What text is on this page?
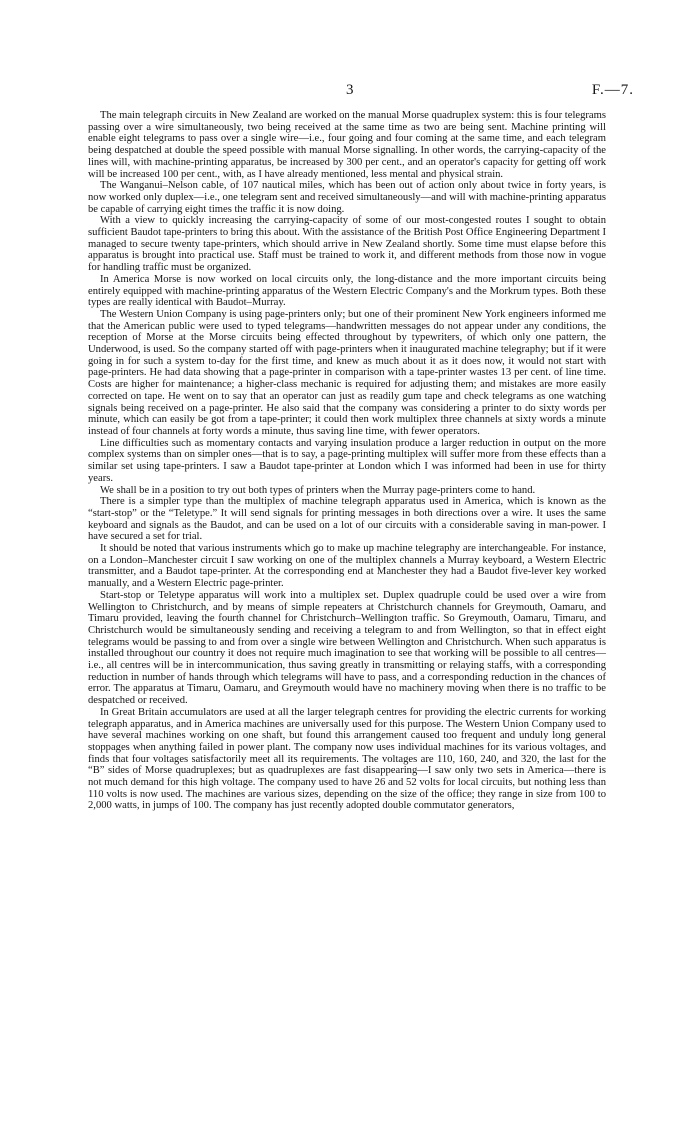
3	F.—7.

The main telegraph circuits in New Zealand are worked on the manual Morse quadruplex system: this is four telegrams passing over a wire simultaneously, two being received at the same time as two are being sent. Machine printing will enable eight telegrams to pass over a single wire—i.e., four going and four coming at the same time, and each telegram being despatched at double the speed possible with manual Morse signalling. In other words, the carrying-capacity of the lines will, with machine-printing apparatus, be increased by 300 per cent., and an operator's capacity for getting off work will be increased 100 per cent., with, as I have already mentioned, less mental and physical strain.

The Wanganui–Nelson cable, of 107 nautical miles, which has been out of action only about twice in forty years, is now worked only duplex—i.e., one telegram sent and received simultaneously—and will with machine-printing apparatus be capable of carrying eight times the traffic it is now doing.

With a view to quickly increasing the carrying-capacity of some of our most-congested routes I sought to obtain sufficient Baudot tape-printers to bring this about. With the assistance of the British Post Office Engineering Department I managed to secure twenty tape-printers, which should arrive in New Zealand shortly. Some time must elapse before this apparatus is brought into practical use. Staff must be trained to work it, and different methods from those now in vogue for handling traffic must be organized.

In America Morse is now worked on local circuits only, the long-distance and the more important circuits being entirely equipped with machine-printing apparatus of the Western Electric Company's and the Morkrum types. Both these types are really identical with Baudot–Murray.

The Western Union Company is using page-printers only; but one of their prominent New York engineers informed me that the American public were used to typed telegrams—handwritten messages do not appear under any conditions, the reception of Morse at the Morse circuits being effected throughout by typewriters, of which only one pattern, the Underwood, is used. So the company started off with page-printers when it inaugurated machine telegraphy; but if it were going in for such a system to-day for the first time, and knew as much about it as it does now, it would not start with page-printers. He had data showing that a page-printer in comparison with a tape-printer wastes 13 per cent. of line time. Costs are higher for maintenance; a higher-class mechanic is required for adjusting them; and mistakes are more easily corrected on tape. He went on to say that an operator can just as readily gum tape and check telegrams as one watching signals being received on a page-printer. He also said that the company was considering a printer to do sixty words per minute, which can easily be got from a tape-printer; it could then work multiplex three channels at sixty words a minute instead of four channels at forty words a minute, thus saving line time, with fewer operators.

Line difficulties such as momentary contacts and varying insulation produce a larger reduction in output on the more complex systems than on simpler ones—that is to say, a page-printing multiplex will suffer more from these effects than a similar set using tape-printers. I saw a Baudot tape-printer at London which I was informed had been in use for thirty years.

We shall be in a position to try out both types of printers when the Murray page-printers come to hand.

There is a simpler type than the multiplex of machine telegraph apparatus used in America, which is known as the “start-stop” or the “Teletype.” It will send signals for printing messages in both directions over a wire. It uses the same keyboard and signals as the Baudot, and can be used on a lot of our circuits with a considerable saving in man-power. I have secured a set for trial.

It should be noted that various instruments which go to make up machine telegraphy are interchangeable. For instance, on a London–Manchester circuit I saw working on one of the multiplex channels a Murray keyboard, a Western Electric transmitter, and a Baudot tape-printer. At the corresponding end at Manchester they had a Baudot five-lever key worked manually, and a Western Electric page-printer.

Start-stop or Teletype apparatus will work into a multiplex set. Duplex quadruple could be used over a wire from Wellington to Christchurch, and by means of simple repeaters at Christchurch channels for Greymouth, Oamaru, and Timaru provided, leaving the fourth channel for Christchurch–Wellington traffic. So Greymouth, Oamaru, Timaru, and Christchurch would be simultaneously sending and receiving a telegram to and from Wellington, so that in effect eight telegrams would be passing to and from over a single wire between Wellington and Christchurch. When such apparatus is installed throughout our country it does not require much imagination to see that working will be possible to all centres—i.e., all centres will be in intercommunication, thus saving greatly in transmitting or relaying staffs, with a corresponding reduction in number of hands through which telegrams will have to pass, and a corresponding reduction in the chances of error. The apparatus at Timaru, Oamaru, and Greymouth would have no machinery moving when there is no traffic to be despatched or received.

In Great Britain accumulators are used at all the larger telegraph centres for providing the electric currents for working telegraph apparatus, and in America machines are universally used for this purpose. The Western Union Company used to have several machines working on one shaft, but found this arrangement caused too frequent and unduly long general stoppages when anything failed in power plant. The company now uses individual machines for its various voltages, and finds that four voltages satisfactorily meet all its requirements. The voltages are 110, 160, 240, and 320, the last for the “B” sides of Morse quadruplexes; but as quadruplexes are fast disappearing—I saw only two sets in America—there is not much demand for this high voltage. The company used to have 26 and 52 volts for local circuits, but nothing less than 110 volts is now used. The machines are various sizes, depending on the size of the office; they range in size from 100 to 2,000 watts, in jumps of 100. The company has just recently adopted double commutator generators,
